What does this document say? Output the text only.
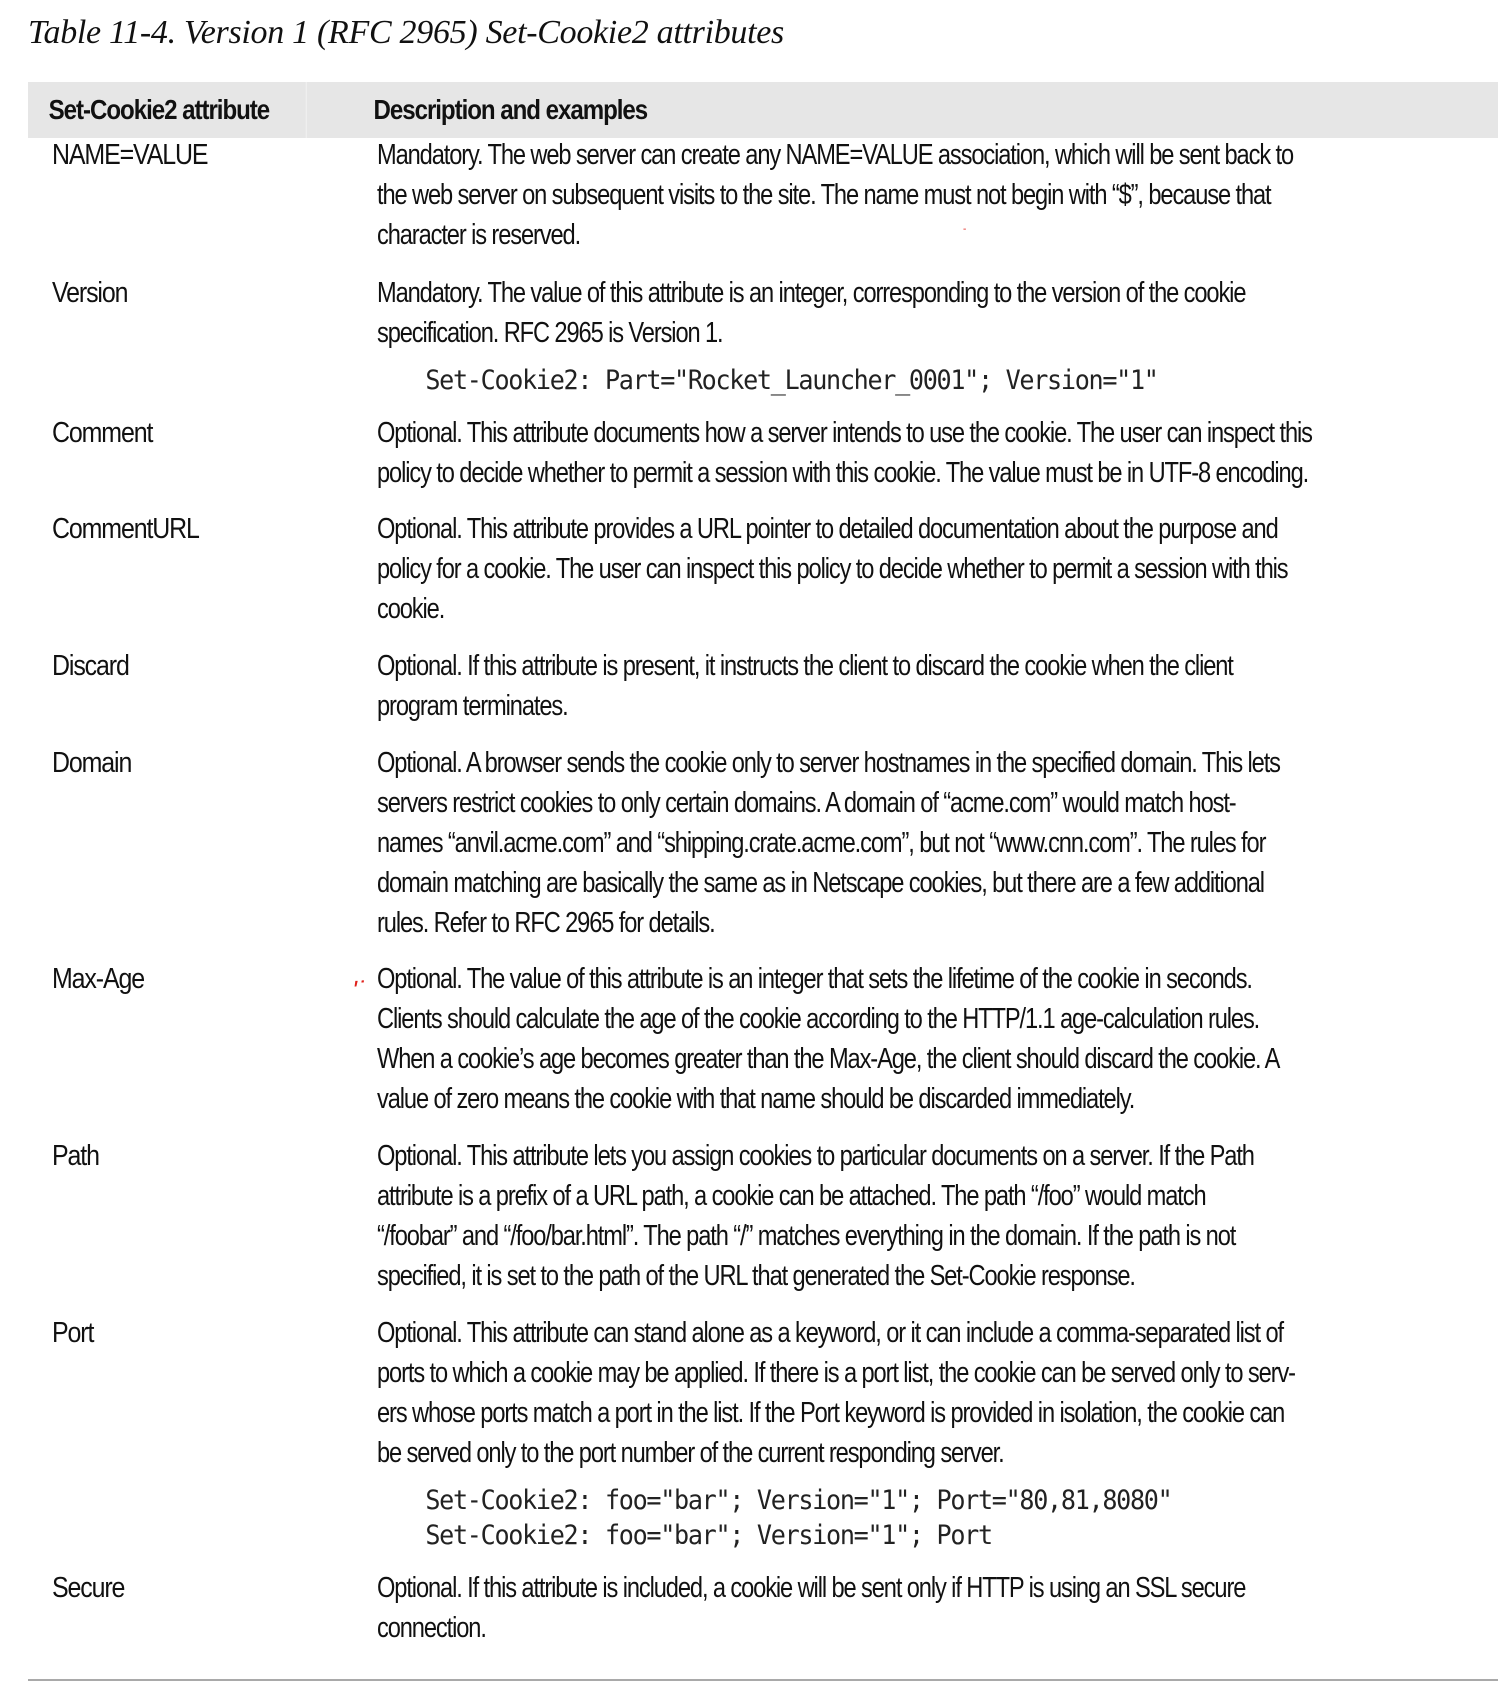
Table 11-4. Version 1 (RFC 2965) Set-Cookie2 attributes
Set-Cookie2 attribute	Description and examples
NAME=VALUE	Mandatory. The web server can create any NAME=VALUE association, which will be sent back to
the web server on subsequent visits to the site. The name must not begin with “$”, because that
character is reserved.
Version	Mandatory. The value of this attribute is an integer, corresponding to the version of the cookie
specification. RFC 2965 is Version 1.
Set-Cookie2: Part="Rocket_Launcher_0001"; Version="1"
Comment	Optional. This attribute documents how a server intends to use the cookie. The user can inspect this
policy to decide whether to permit a session with this cookie. The value must be in UTF-8 encoding.
CommentURL	Optional. This attribute provides a URL pointer to detailed documentation about the purpose and
policy for a cookie. The user can inspect this policy to decide whether to permit a session with this
cookie.
Discard	Optional. If this attribute is present, it instructs the client to discard the cookie when the client
program terminates.
Domain	Optional. A browser sends the cookie only to server hostnames in the specified domain. This lets
servers restrict cookies to only certain domains. A domain of “acme.com” would match host-
names “anvil.acme.com” and “shipping.crate.acme.com”, but not “www.cnn.com”. The rules for
domain matching are basically the same as in Netscape cookies, but there are a few additional
rules. Refer to RFC 2965 for details.
Max-Age	Optional. The value of this attribute is an integer that sets the lifetime of the cookie in seconds.
Clients should calculate the age of the cookie according to the HTTP/1.1 age-calculation rules.
When a cookie’s age becomes greater than the Max-Age, the client should discard the cookie. A
value of zero means the cookie with that name should be discarded immediately.
Path	Optional. This attribute lets you assign cookies to particular documents on a server. If the Path
attribute is a prefix of a URL path, a cookie can be attached. The path “/foo” would match
“/foobar” and “/foo/bar.html”. The path “/” matches everything in the domain. If the path is not
specified, it is set to the path of the URL that generated the Set-Cookie response.
Port	Optional. This attribute can stand alone as a keyword, or it can include a comma-separated list of
ports to which a cookie may be applied. If there is a port list, the cookie can be served only to serv-
ers whose ports match a port in the list. If the Port keyword is provided in isolation, the cookie can
be served only to the port number of the current responding server.
Set-Cookie2: foo="bar"; Version="1"; Port="80,81,8080"
Set-Cookie2: foo="bar"; Version="1"; Port
Secure	Optional. If this attribute is included, a cookie will be sent only if HTTP is using an SSL secure
connection.
-
ʹ˙
